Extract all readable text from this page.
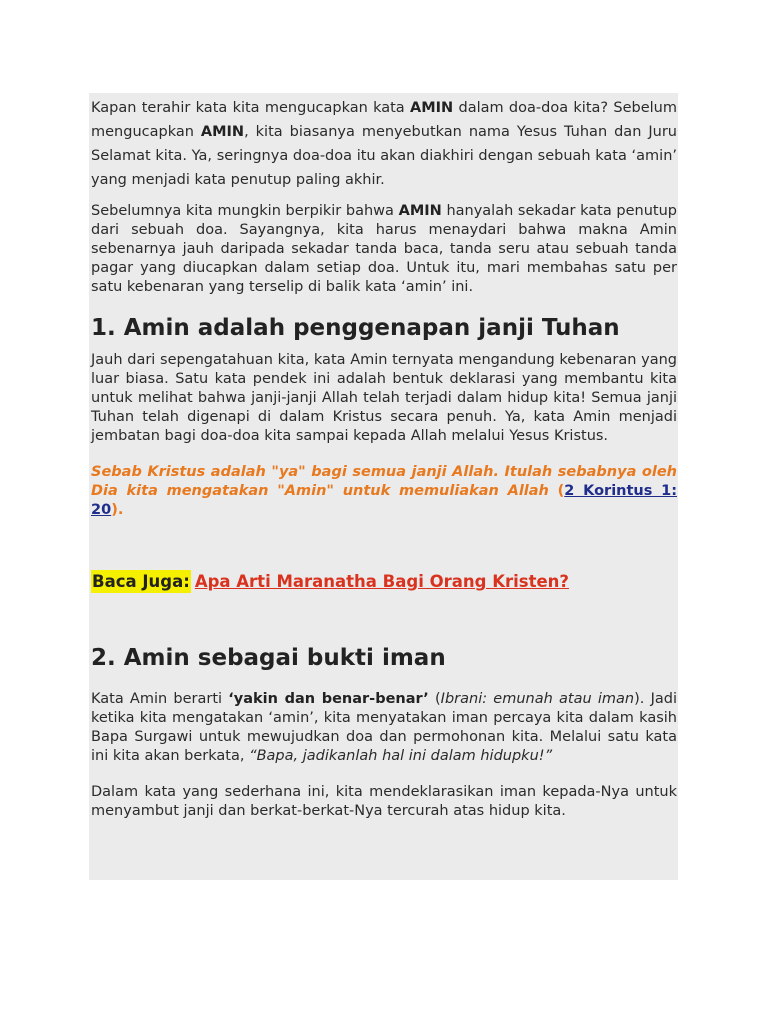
Kapan terahir kata kita mengucapkan kata AMIN dalam doa-doa kita? Sebelum mengucapkan AMIN, kita biasanya menyebutkan nama Yesus Tuhan dan Juru Selamat kita. Ya, seringnya doa-doa itu akan diakhiri dengan sebuah kata ‘amin’ yang menjadi kata penutup paling akhir.

Sebelumnya kita mungkin berpikir bahwa AMIN hanyalah sekadar kata penutup dari sebuah doa. Sayangnya, kita harus menaydari bahwa makna Amin sebenarnya jauh daripada sekadar tanda baca, tanda seru atau sebuah tanda pagar yang diucapkan dalam setiap doa. Untuk itu, mari membahas satu per satu kebenaran yang terselip di balik kata ‘amin’ ini.

1. Amin adalah penggenapan janji Tuhan

Jauh dari sepengatahuan kita, kata Amin ternyata mengandung kebenaran yang luar biasa. Satu kata pendek ini adalah bentuk deklarasi yang membantu kita untuk melihat bahwa janji-janji Allah telah terjadi dalam hidup kita! Semua janji Tuhan telah digenapi di dalam Kristus secara penuh. Ya, kata Amin menjadi jembatan bagi doa-doa kita sampai kepada Allah melalui Yesus Kristus.

Sebab Kristus adalah "ya" bagi semua janji Allah. Itulah sebabnya oleh Dia kita mengatakan "Amin" untuk memuliakan Allah (2 Korintus 1: 20).

Baca Juga: Apa Arti Maranatha Bagi Orang Kristen?
2. Amin sebagai bukti iman

Kata Amin berarti ‘yakin dan benar-benar’ (Ibrani: emunah atau iman). Jadi ketika kita mengatakan ‘amin’, kita menyatakan iman percaya kita dalam kasih Bapa Surgawi untuk mewujudkan doa dan permohonan kita. Melalui satu kata ini kita akan berkata, “Bapa, jadikanlah hal ini dalam hidupku!”

Dalam kata yang sederhana ini, kita mendeklarasikan iman kepada-Nya untuk menyambut janji dan berkat-berkat-Nya tercurah atas hidup kita.
